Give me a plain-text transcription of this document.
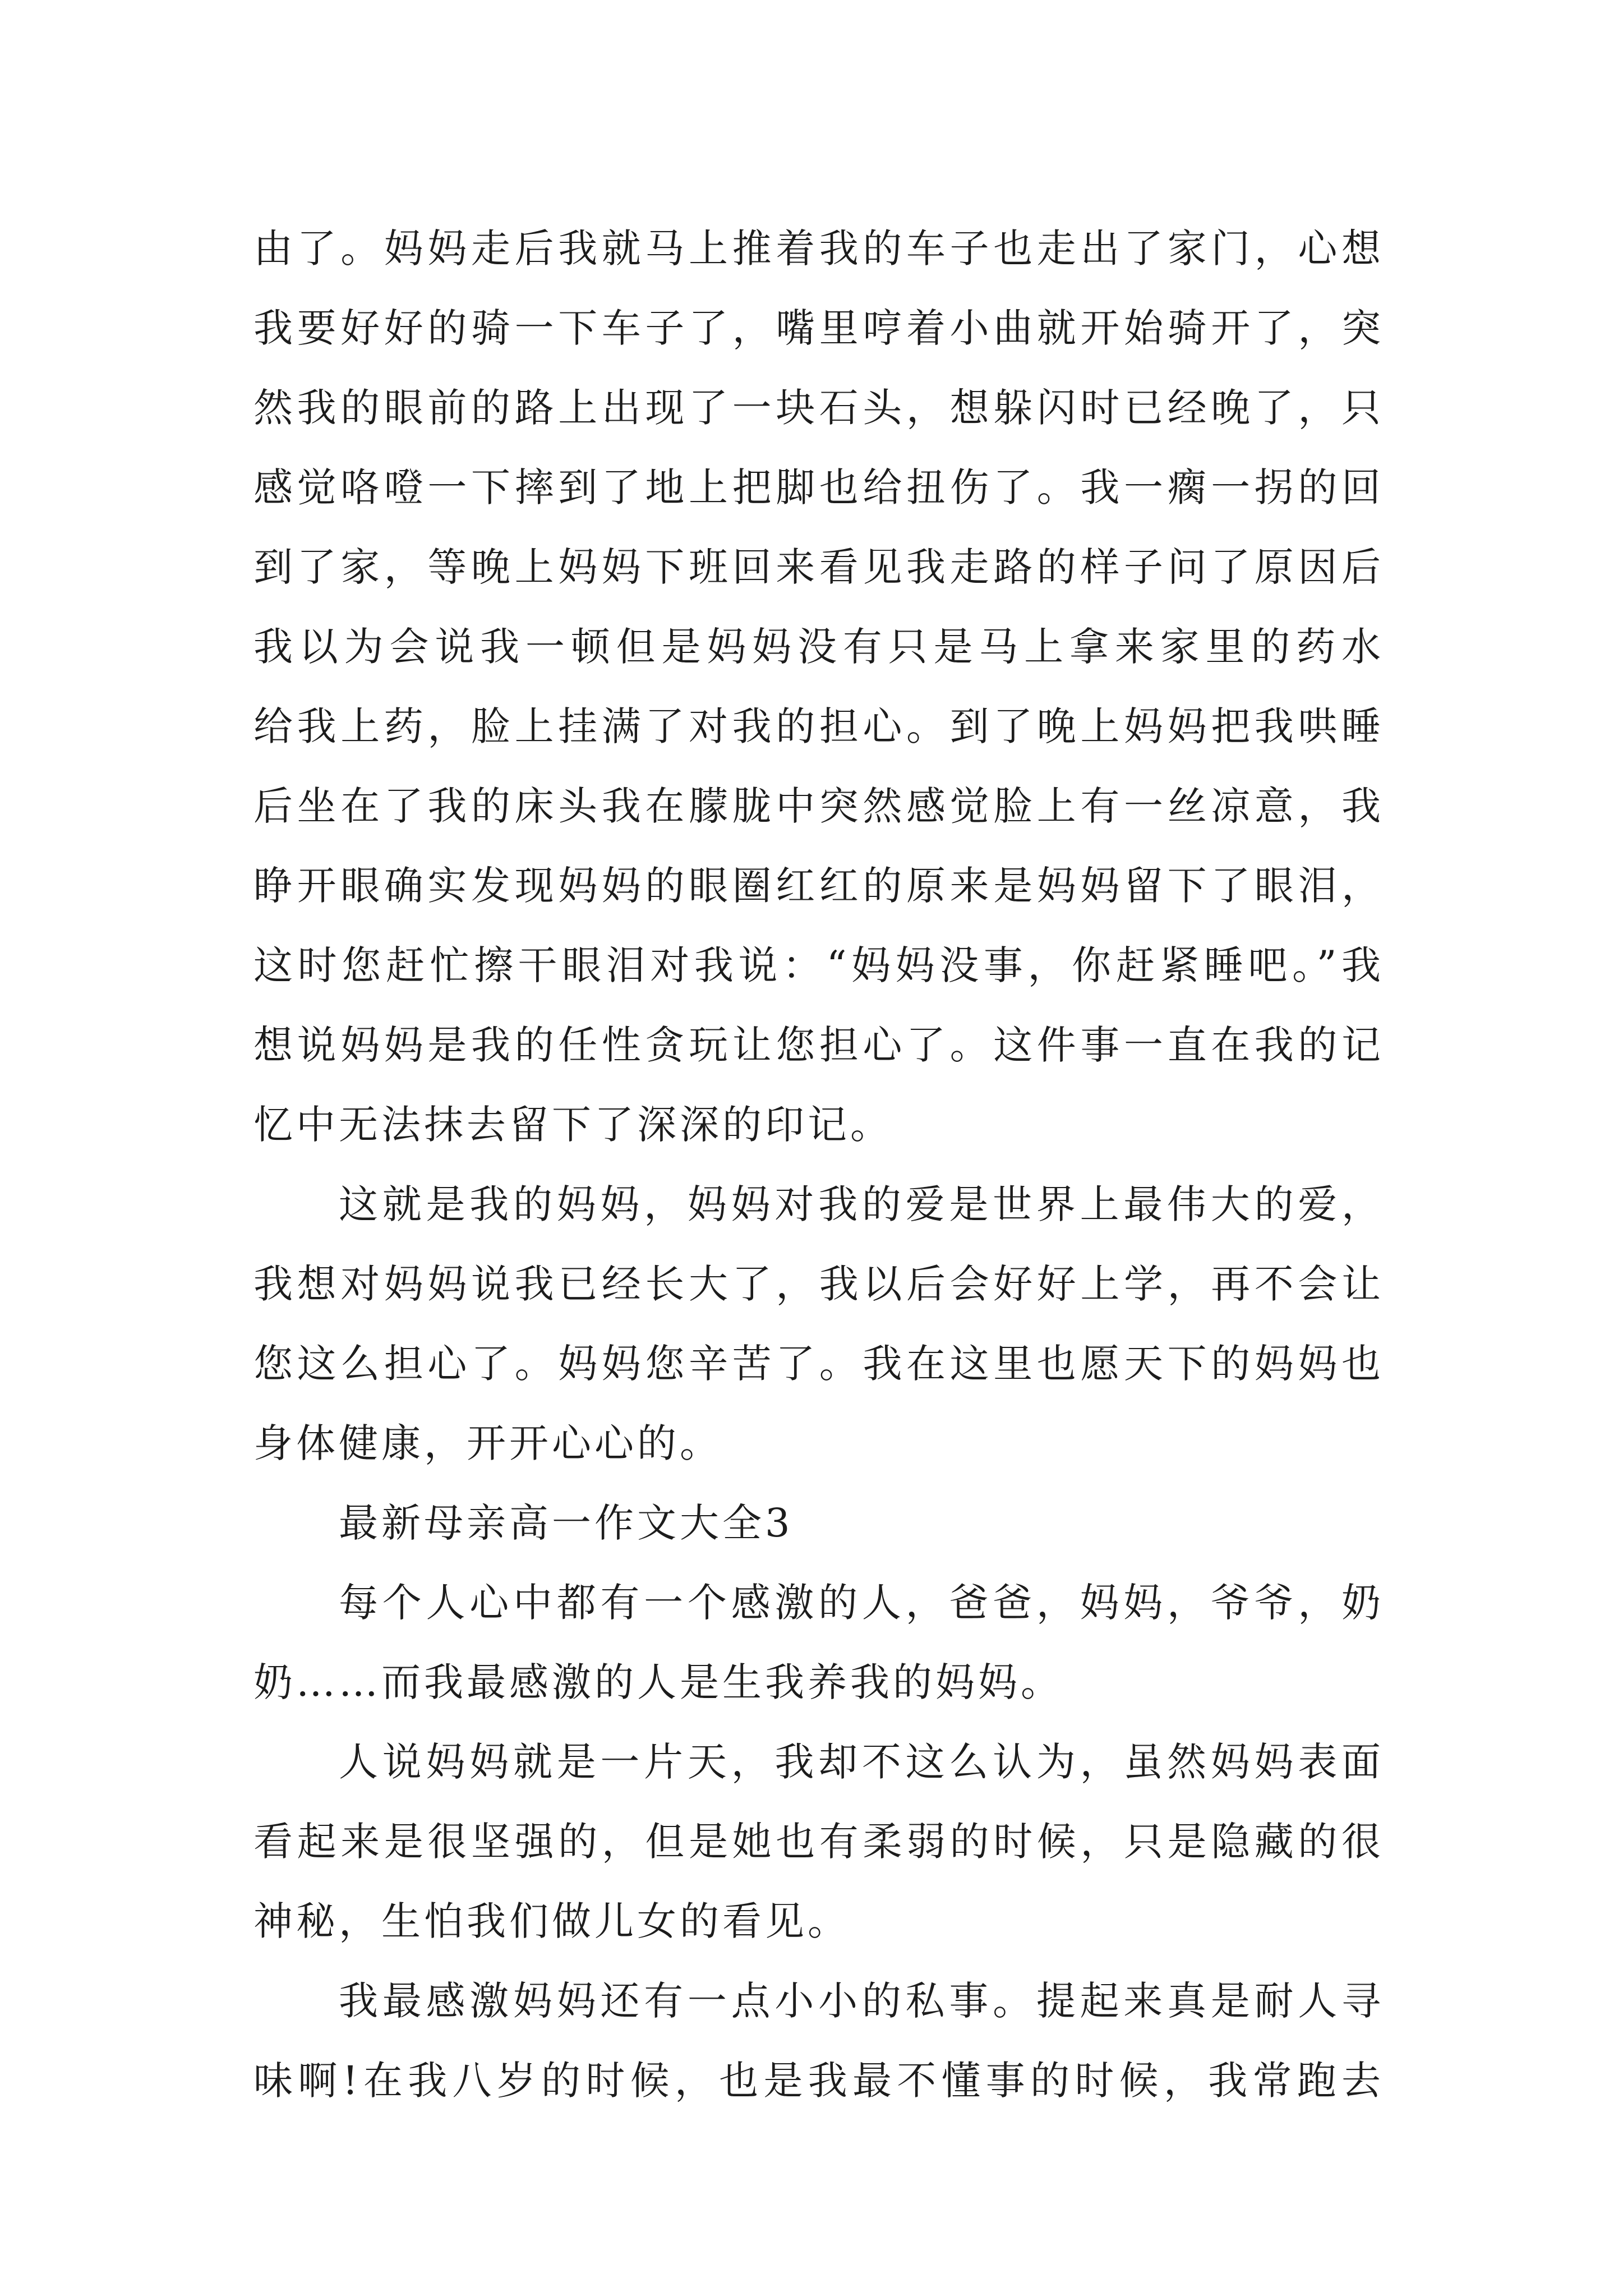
由了。妈妈走后我就马上推着我的车子也走出了家门，心想
我要好好的骑一下车子了，嘴里哼着小曲就开始骑开了，突
然我的眼前的路上出现了一块石头，想躲闪时已经晚了，只
感觉咯噔一下摔到了地上把脚也给扭伤了。我一瘸一拐的回
到了家，等晚上妈妈下班回来看见我走路的样子问了原因后
我以为会说我一顿但是妈妈没有只是马上拿来家里的药水
给我上药，脸上挂满了对我的担心。到了晚上妈妈把我哄睡
后坐在了我的床头我在朦胧中突然感觉脸上有一丝凉意，我
睁开眼确实发现妈妈的眼圈红红的原来是妈妈留下了眼泪，
这时您赶忙擦干眼泪对我说：“妈妈没事，你赶紧睡吧。”我
想说妈妈是我的任性贪玩让您担心了。这件事一直在我的记
忆中无法抹去留下了深深的印记。
这就是我的妈妈，妈妈对我的爱是世界上最伟大的爱，
我想对妈妈说我已经长大了，我以后会好好上学，再不会让
您这么担心了。妈妈您辛苦了。我在这里也愿天下的妈妈也
身体健康，开开心心的。
最新母亲高一作文大全3
每个人心中都有一个感激的人，爸爸，妈妈，爷爷，奶
奶……而我最感激的人是生我养我的妈妈。
人说妈妈就是一片天，我却不这么认为，虽然妈妈表面
看起来是很坚强的，但是她也有柔弱的时候，只是隐藏的很
神秘，生怕我们做儿女的看见。
我最感激妈妈还有一点小小的私事。提起来真是耐人寻
味啊!在我八岁的时候，也是我最不懂事的时候，我常跑去
